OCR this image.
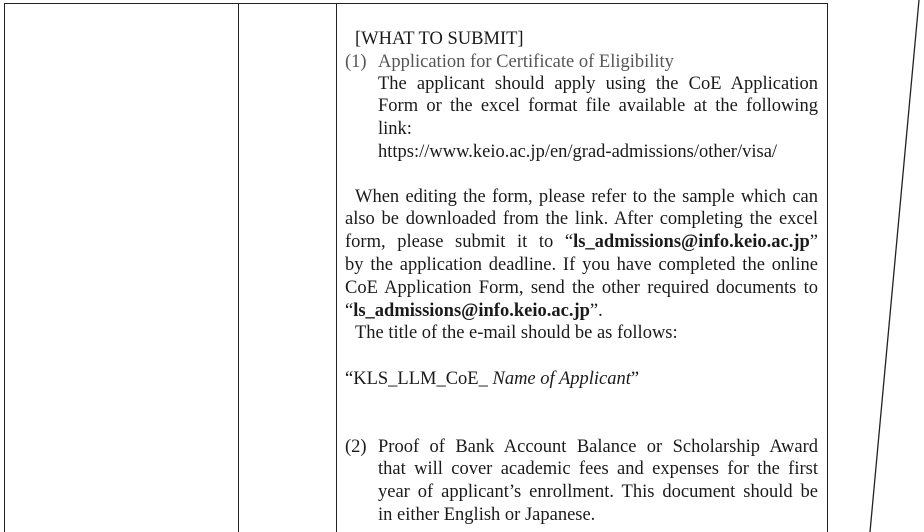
[WHAT TO SUBMIT]
(1) Application for Certificate of Eligibility
The applicant should apply using the CoE Application
Form or the excel format file available at the following
link:
https://www.keio.ac.jp/en/grad-admissions/other/visa/
When editing the form, please refer to the sample which can
also be downloaded from the link. After completing the excel
form, please submit it to “ls_admissions@info.keio.ac.jp”
by the application deadline. If you have completed the online
CoE Application Form, send the other required documents to
“ls_admissions@info.keio.ac.jp”.
The title of the e-mail should be as follows:
“KLS_LLM_CoE_ Name of Applicant”
(2) Proof of Bank Account Balance or Scholarship Award
that will cover academic fees and expenses for the first
year of applicant’s enrollment. This document should be
in either English or Japanese.
